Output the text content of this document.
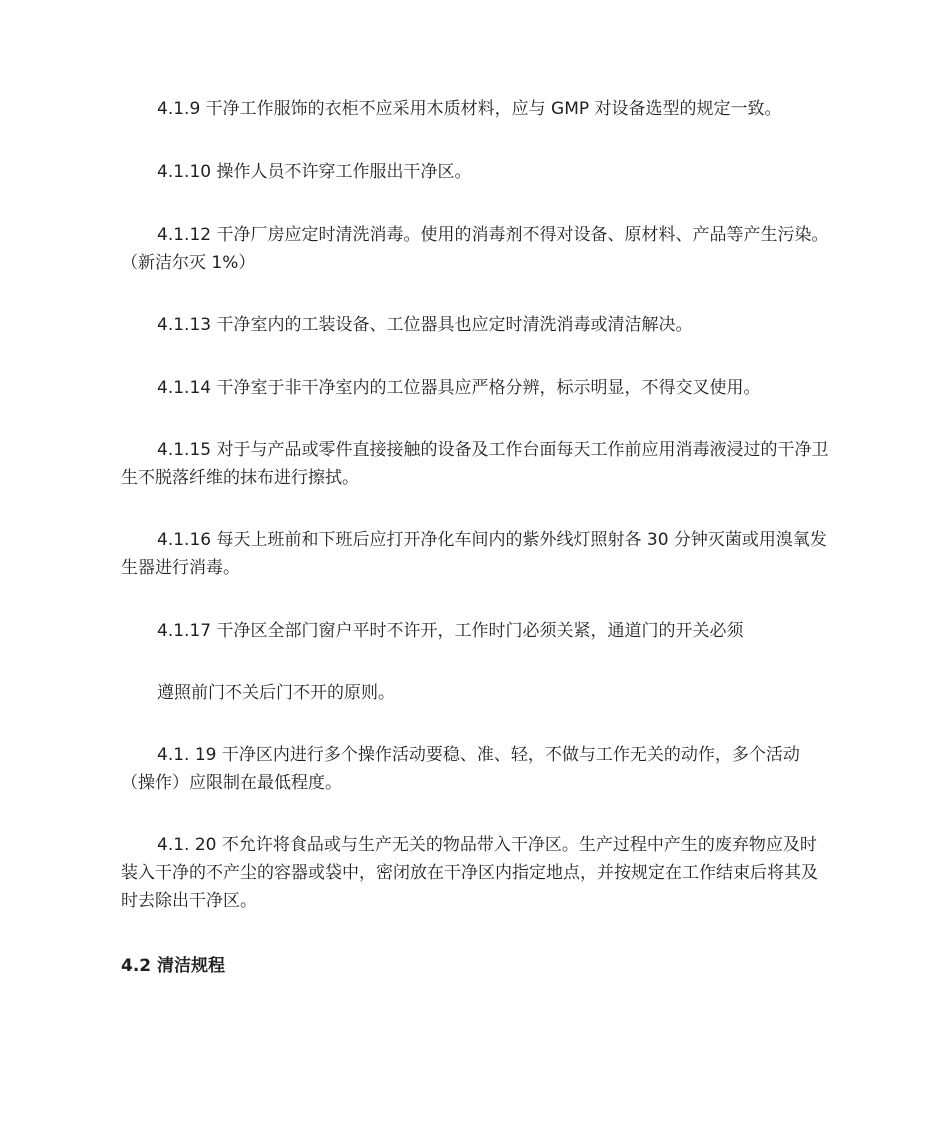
4.1.9 干净工作服饰的衣柜不应采用木质材料，应与 GMP 对设备选型的规定一致。

4.1.10 操作人员不许穿工作服出干净区。

4.1.12 干净厂房应定时清洗消毒。使用的消毒剂不得对设备、原材料、产品等产生污染。（新洁尔灭 1%）

4.1.13 干净室内的工装设备、工位器具也应定时清洗消毒或清洁解决。

4.1.14 干净室于非干净室内的工位器具应严格分辨，标示明显，不得交叉使用。

4.1.15 对于与产品或零件直接接触的设备及工作台面每天工作前应用消毒液浸过的干净卫生不脱落纤维的抹布进行擦拭。

4.1.16 每天上班前和下班后应打开净化车间内的紫外线灯照射各 30 分钟灭菌或用溴氧发生器进行消毒。

4.1.17 干净区全部门窗户平时不许开，工作时门必须关紧，通道门的开关必须

遵照前门不关后门不开的原则。

4.1. 19 干净区内进行多个操作活动要稳、准、轻，不做与工作无关的动作，多个活动（操作）应限制在最低程度。

4.1. 20 不允许将食品或与生产无关的物品带入干净区。生产过程中产生的废弃物应及时装入干净的不产尘的容器或袋中，密闭放在干净区内指定地点，并按规定在工作结束后将其及时去除出干净区。

4.2 清洁规程
